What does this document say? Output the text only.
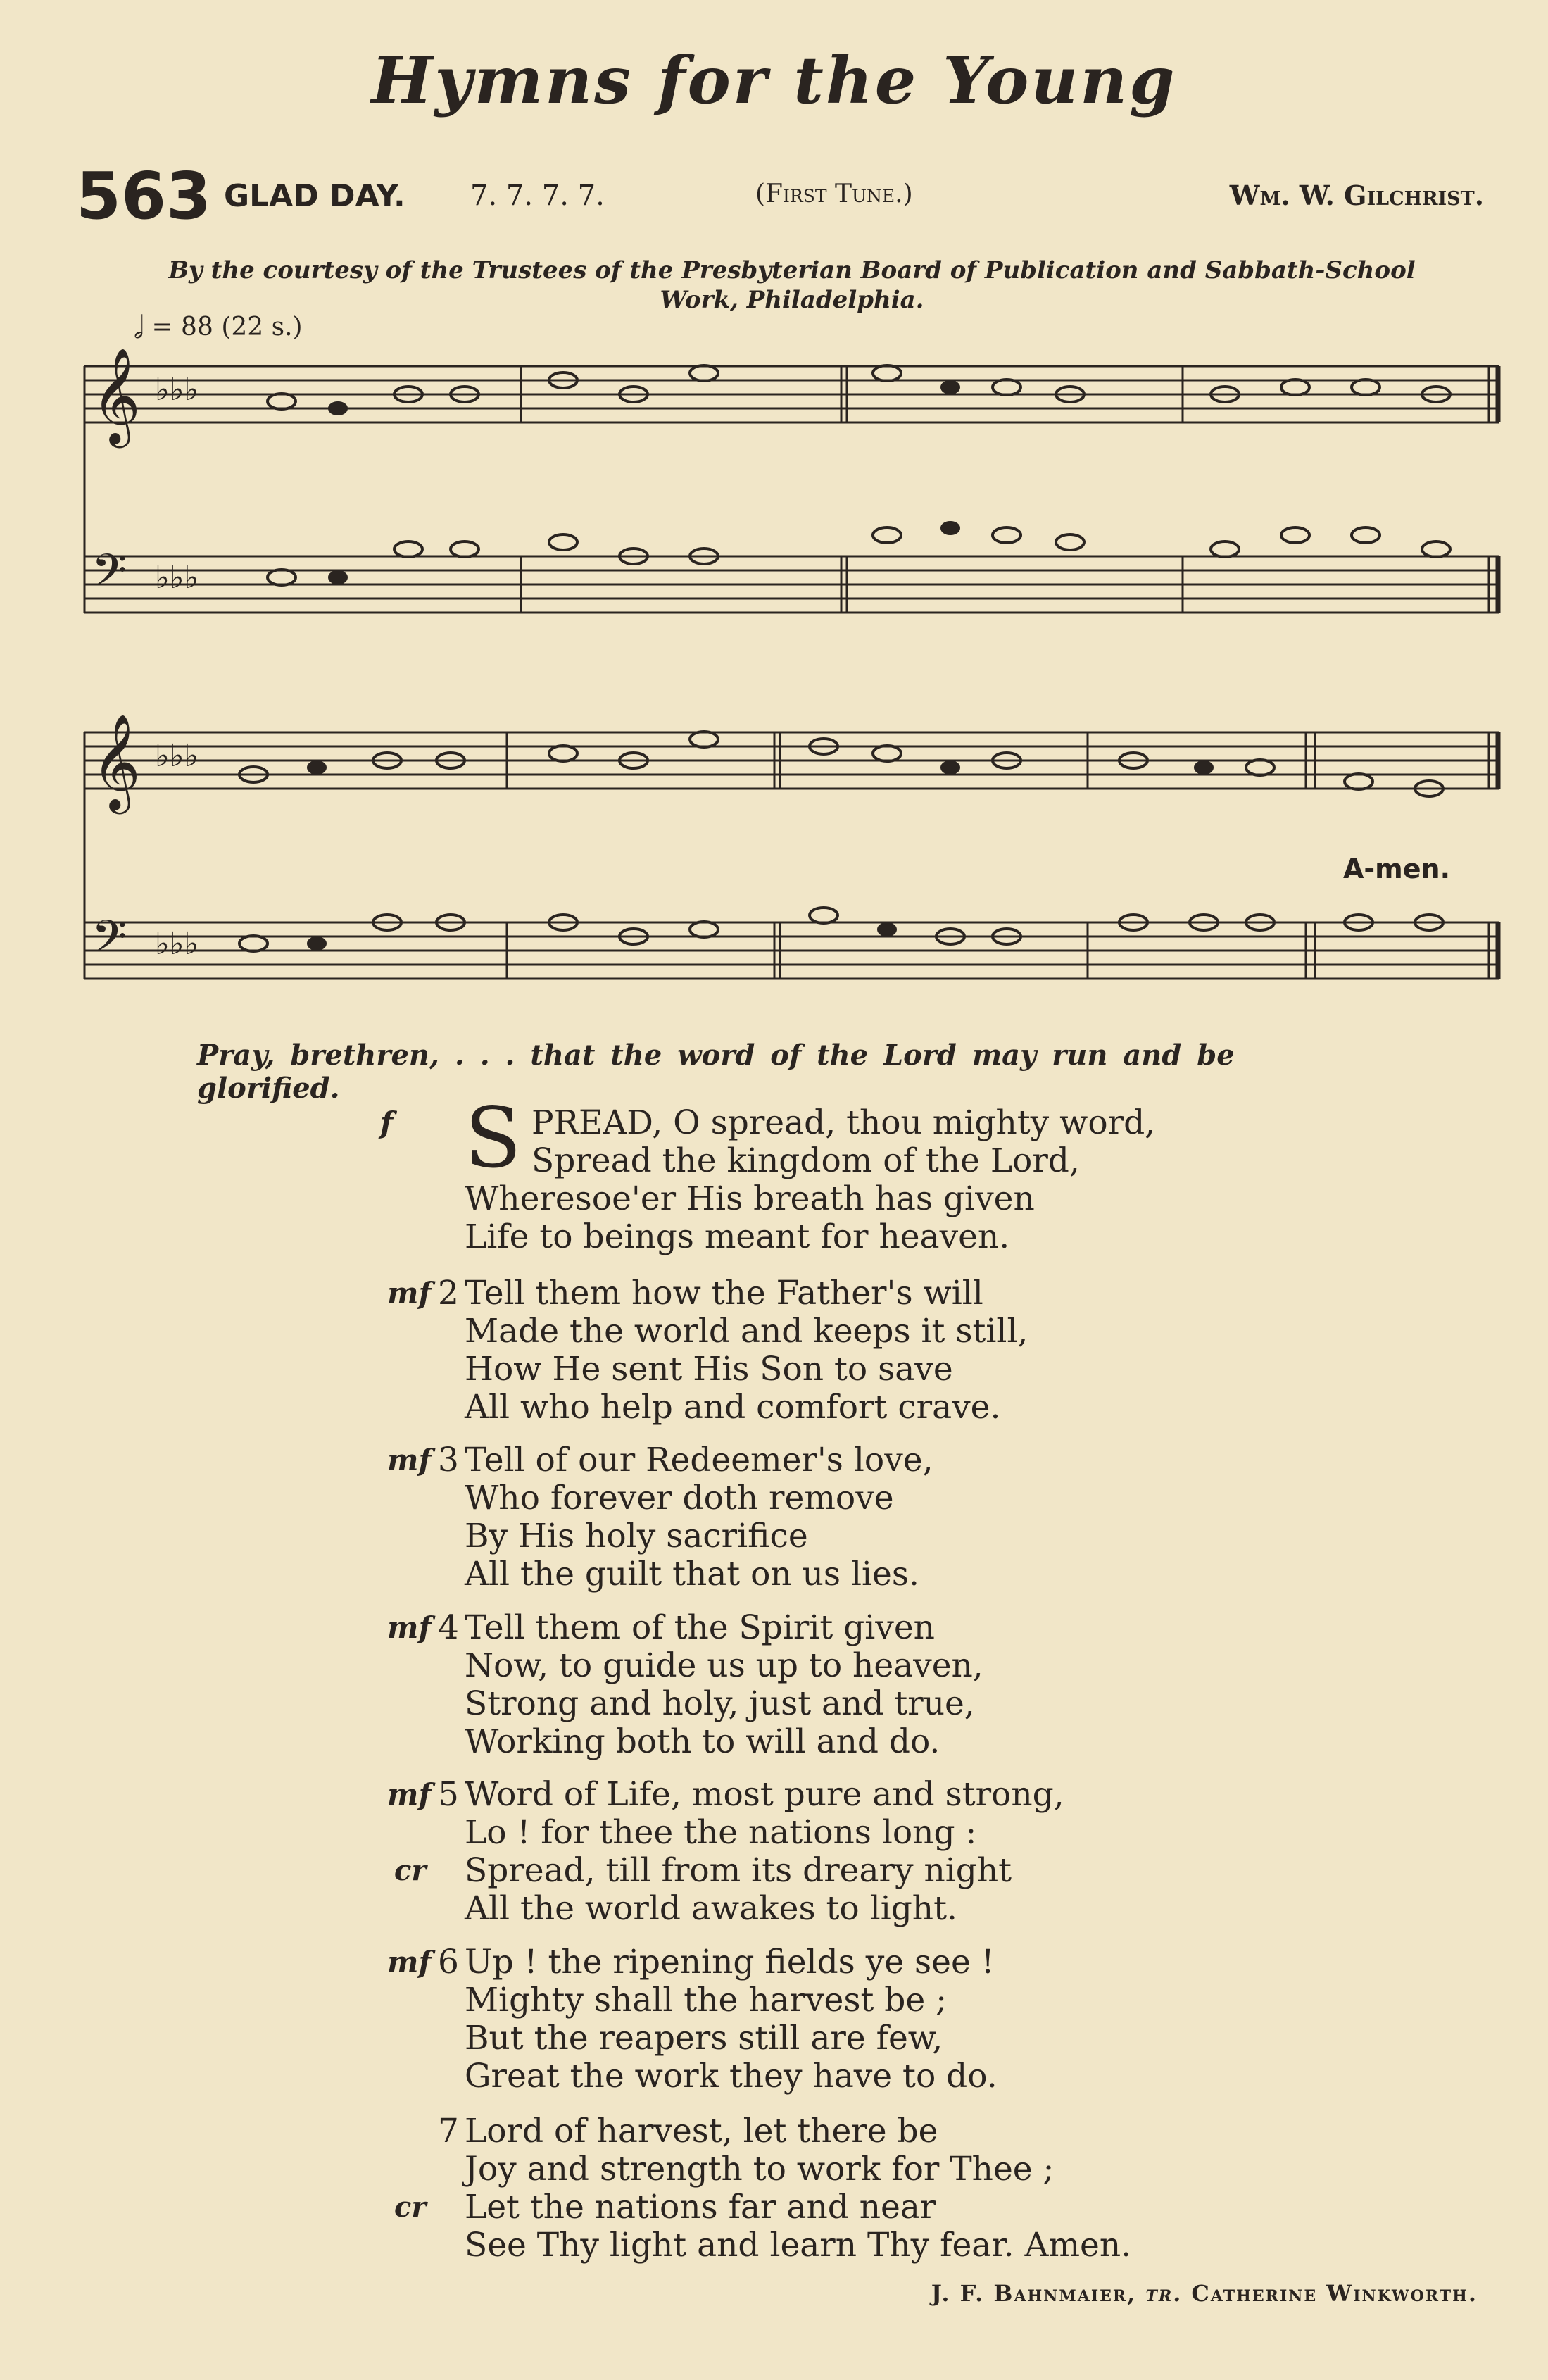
Hymns for the Young
563 GLAD DAY. 7. 7. 7. 7.	(First Tune.)	Wm. W. Gilchrist.
By the courtesy of the Trustees of the Presbyterian Board of Publication and Sabbath-School
Work, Philadelphia.
𝅗𝅥 = 88 (22 s.)
𝄞
𝄢
♭♭♭
♭♭♭
𝄞
𝄢
♭♭♭
♭♭♭
A-men.
Pray, brethren, . . . that the word of the Lord may run and be glorified.
f	PREAD, O spread, thou mighty word,
Spread the kingdom of the Lord,
Wheresoe'er His breath has given
Life to beings meant for heaven.
mf 2 Tell them how the Father's will
Made the world and keeps it still,
How He sent His Son to save
All who help and comfort crave.
mf 3 Tell of our Redeemer's love,
Who forever doth remove
By His holy sacrifice
All the guilt that on us lies.
mf 4 Tell them of the Spirit given
Now, to guide us up to heaven,
Strong and holy, just and true,
Working both to will and do.
mf 5 Word of Life, most pure and strong,
Lo ! for thee the nations long :
cr Spread, till from its dreary night
All the world awakes to light.
mf 6 Up ! the ripening fields ye see !
Mighty shall the harvest be ;
But the reapers still are few,
Great the work they have to do.
7 Lord of harvest, let there be
Joy and strength to work for Thee ;
cr Let the nations far and near
See Thy light and learn Thy fear. Amen.
J. F. Bahnmaier, tr. Catherine Winkworth.
S
